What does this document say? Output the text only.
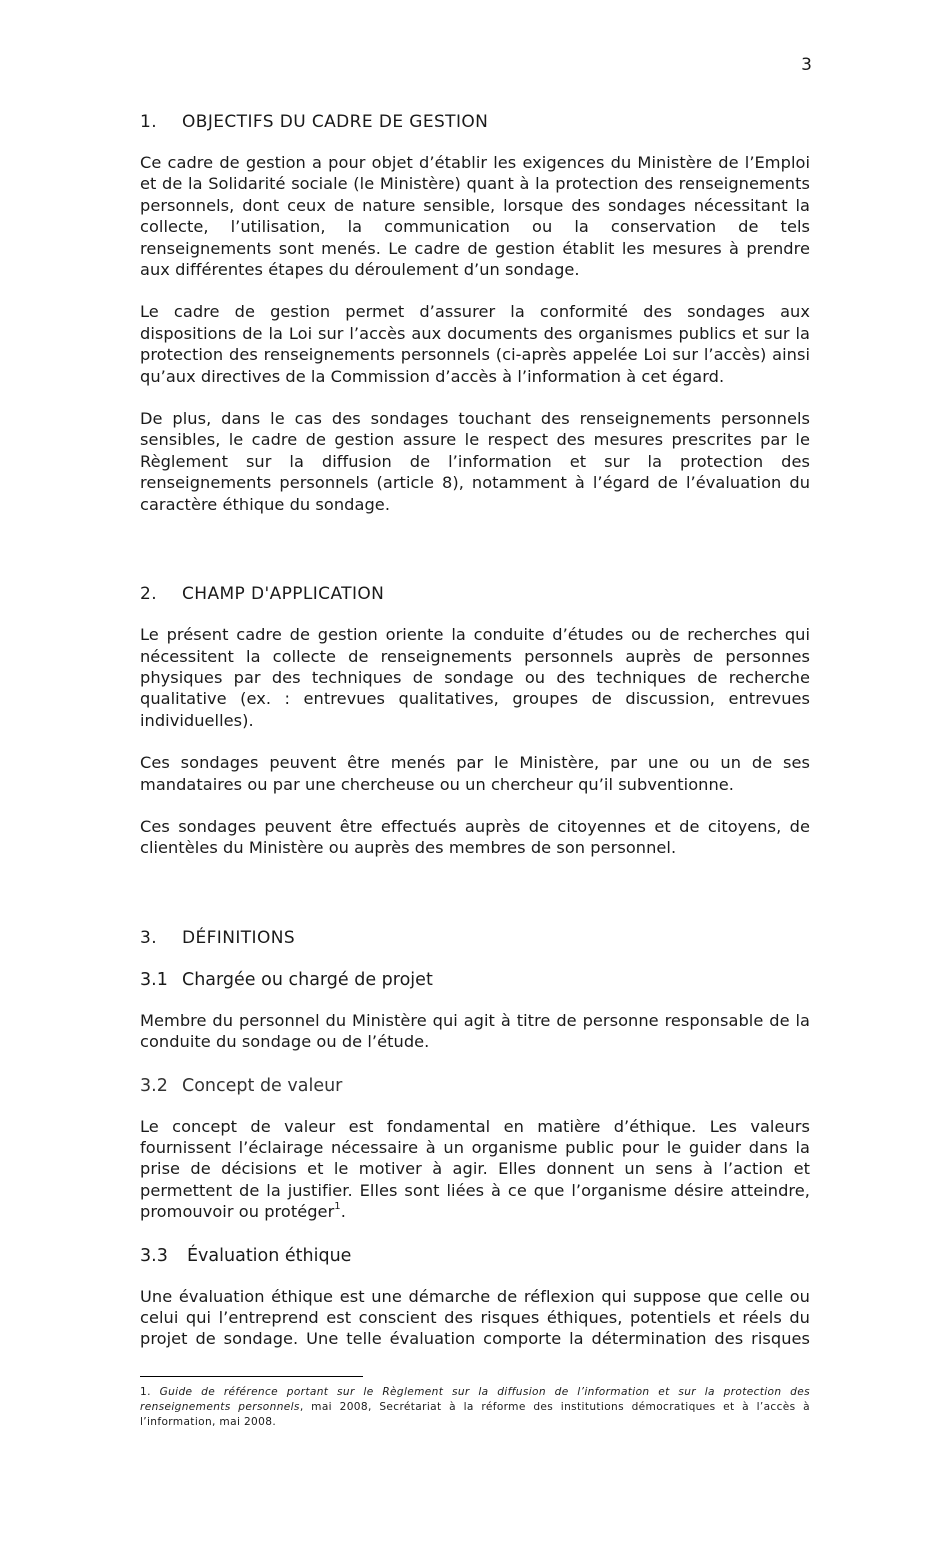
3
1.	OBJECTIFS DU CADRE DE GESTION

Ce cadre de gestion a pour objet d’établir les exigences du Ministère de l’Emploi et de la Solidarité sociale (le Ministère) quant à la protection des renseignements personnels, dont ceux de nature sensible, lorsque des sondages nécessitant la collecte, l’utilisation, la communication ou la conservation de tels renseignements sont menés. Le cadre de gestion établit les mesures à prendre aux différentes étapes du déroulement d’un sondage.

Le cadre de gestion permet d’assurer la conformité des sondages aux dispositions de la Loi sur l’accès aux documents des organismes publics et sur la protection des renseignements personnels (ci-après appelée Loi sur l’accès) ainsi qu’aux directives de la Commission d’accès à l’information à cet égard.

De plus, dans le cas des sondages touchant des renseignements personnels sensibles, le cadre de gestion assure le respect des mesures prescrites par le Règlement sur la diffusion de l’information et sur la protection des renseignements personnels (article 8), notamment à l’égard de l’évaluation du caractère éthique du sondage.

2.	CHAMP D'APPLICATION

Le présent cadre de gestion oriente la conduite d’études ou de recherches qui nécessitent la collecte de renseignements personnels auprès de personnes physiques par des techniques de sondage ou des techniques de recherche qualitative (ex. : entrevues qualitatives, groupes de discussion, entrevues individuelles).

Ces sondages peuvent être menés par le Ministère, par une ou un de ses mandataires ou par une chercheuse ou un chercheur qu’il subventionne.

Ces sondages peuvent être effectués auprès de citoyennes et de citoyens, de clientèles du Ministère ou auprès des membres de son personnel.

3.	DÉFINITIONS
3.1 Chargée ou chargé de projet

Membre du personnel du Ministère qui agit à titre de personne responsable de la conduite du sondage ou de l’étude.

3.2 Concept de valeur

Le concept de valeur est fondamental en matière d’éthique. Les valeurs fournissent l’éclairage nécessaire à un organisme public pour le guider dans la prise de décisions et le motiver à agir. Elles donnent un sens à l’action et permettent de la justifier. Elles sont liées à ce que l’organisme désire atteindre, promouvoir ou protéger$^1$.

3.3	Évaluation éthique

Une évaluation éthique est une démarche de réflexion qui suppose que celle ou celui qui l’entreprend est conscient des risques éthiques, potentiels et réels du projet de sondage. Une telle évaluation comporte la détermination des risques

1. Guide de référence portant sur le Règlement sur la diffusion de l’information et sur la protection des renseignements personnels, mai 2008, Secrétariat à la réforme des institutions démocratiques et à l’accès à l’information, mai 2008.
